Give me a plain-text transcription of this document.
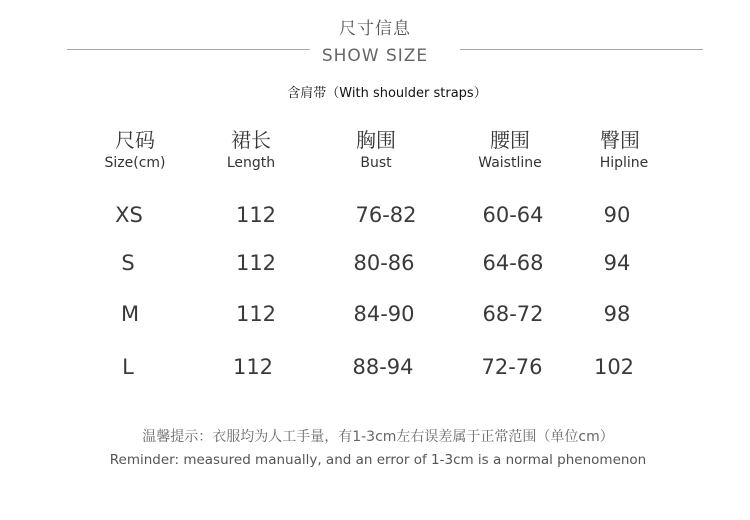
尺寸信息
SHOW SIZE
含肩带（With shoulder straps）
尺码	裙长	胸围	腰围	臀围
Size(cm)	Length	Bust	Waistline	Hipline
XS	112	76-82	60-64	90
S	112	80-86	64-68	94
M	112	84-90	68-72	98
L	112	88-94	72-76	102
温馨提示：衣服均为人工手量，有1-3cm左右误差属于正常范围（单位cm）
Reminder: measured manually, and an error of 1-3cm is a normal phenomenon
